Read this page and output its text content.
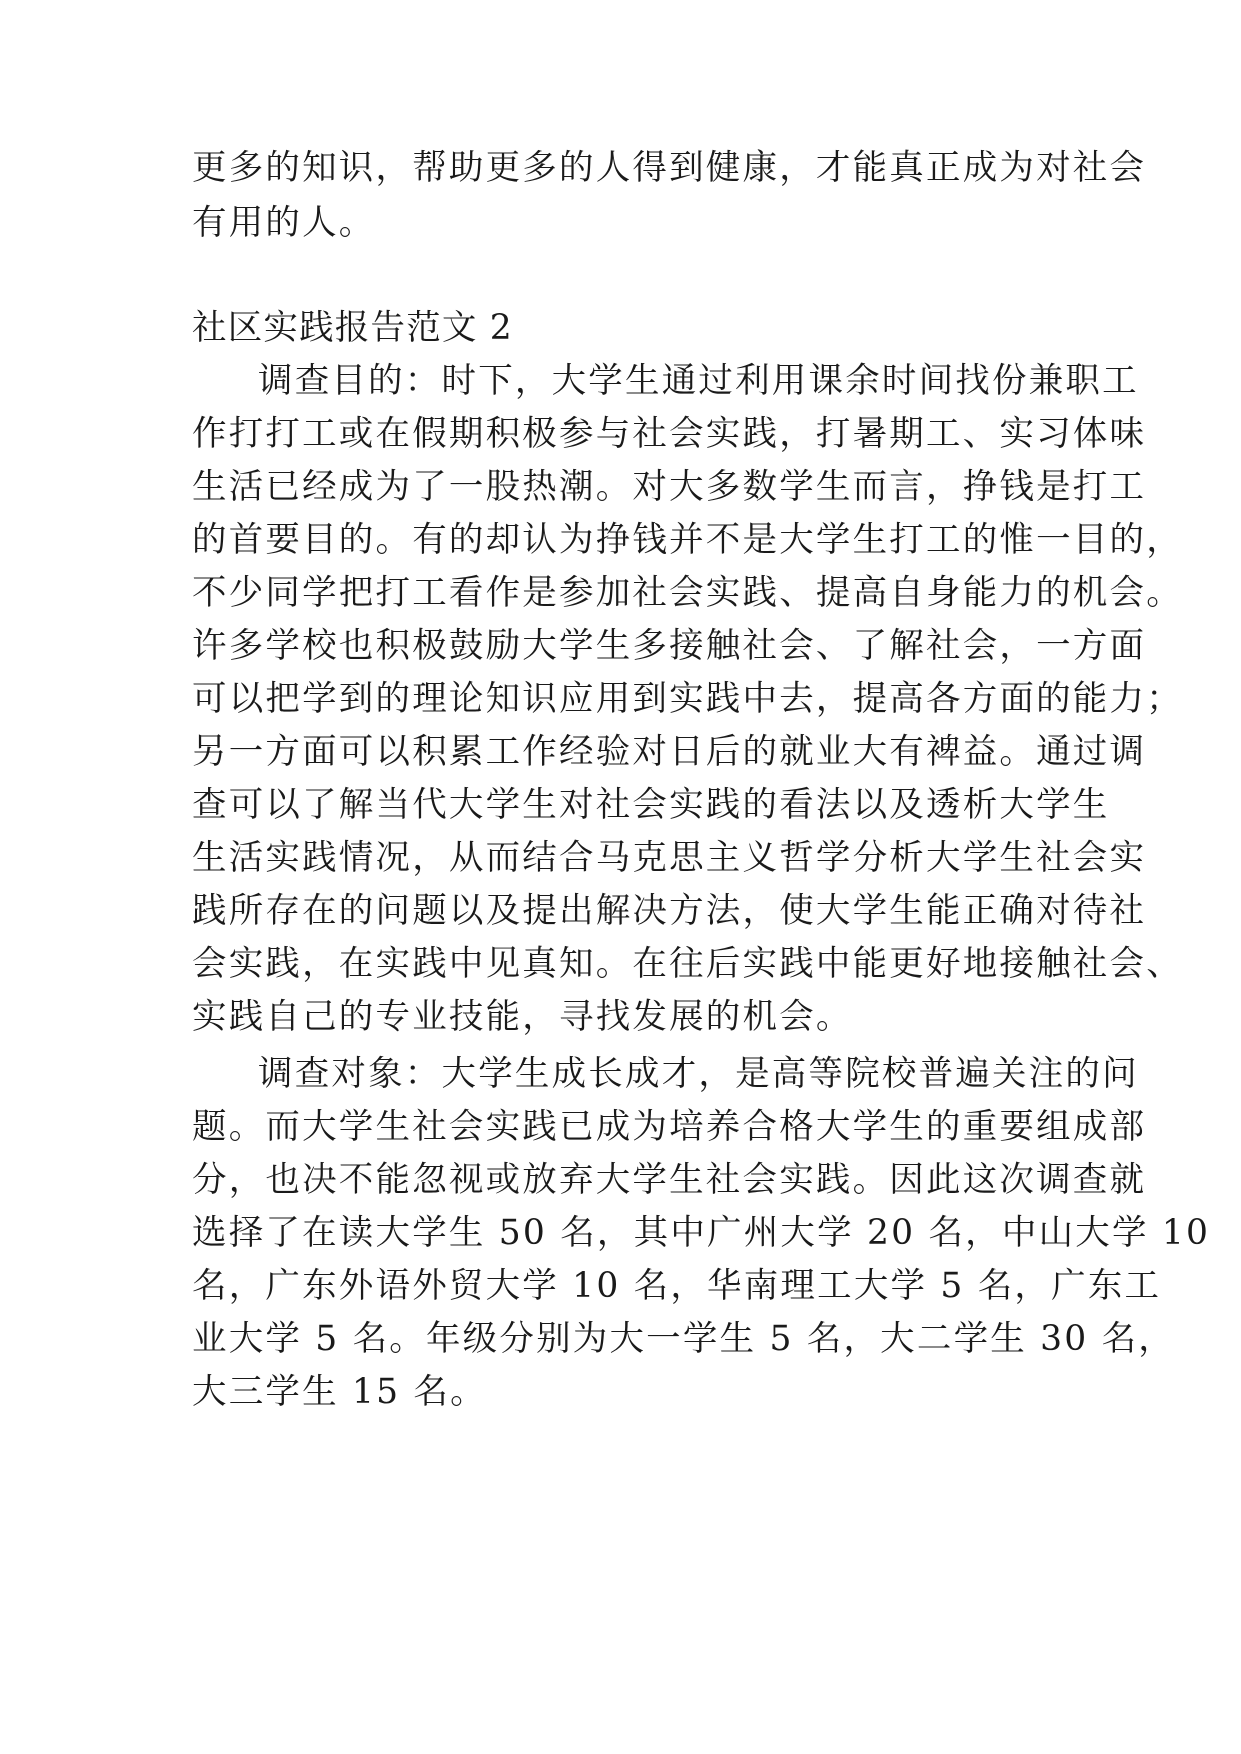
更多的知识，帮助更多的人得到健康，才能真正成为对社会

有用的人。

社区实践报告范文 2

调查目的：时下，大学生通过利用课余时间找份兼职工

作打打工或在假期积极参与社会实践，打暑期工、实习体味

生活已经成为了一股热潮。对大多数学生而言，挣钱是打工

的首要目的。有的却认为挣钱并不是大学生打工的惟一目的，

不少同学把打工看作是参加社会实践、提高自身能力的机会。

许多学校也积极鼓励大学生多接触社会、了解社会，一方面

可以把学到的理论知识应用到实践中去，提高各方面的能力；

另一方面可以积累工作经验对日后的就业大有裨益。通过调

查可以了解当代大学生对社会实践的看法以及透析大学生

生活实践情况，从而结合马克思主义哲学分析大学生社会实

践所存在的问题以及提出解决方法，使大学生能正确对待社

会实践，在实践中见真知。在往后实践中能更好地接触社会、

实践自己的专业技能，寻找发展的机会。

调查对象：大学生成长成才，是高等院校普遍关注的问

题。而大学生社会实践已成为培养合格大学生的重要组成部

分，也决不能忽视或放弃大学生社会实践。因此这次调查就

选择了在读大学生 50 名，其中广州大学 20 名，中山大学 10

名，广东外语外贸大学 10 名，华南理工大学 5 名，广东工

业大学 5 名。年级分别为大一学生 5 名，大二学生 30 名，

大三学生 15 名。
